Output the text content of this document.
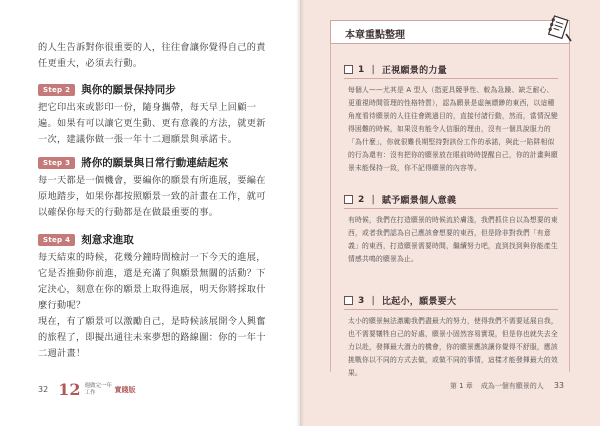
的人生告訴對你很重要的人，往往會讓你覺得自己的責任更重大，必須去行動。

Step 2	與你的願景保持同步

把它印出來或影印一份，隨身攜帶，每天早上回顧一遍。如果有可以讓它更生動、更有意義的方法，就更新一次，建議你做一張一年十二週願景與承諾卡。

Step 3	將你的願景與日常行動連結起來

每一天都是一個機會，要編你的願景有所進展，要編在原地踏步，如果你都按照願景一致的計畫在工作，就可以確保你每天的行動都是在做最重要的事。

Step 4	刻意求進取

每天結束的時候，花幾分鐘時間檢討一下今天的進展，它是否推動你前進，還是充滿了與願景無關的活動？下定決心，刻意在你的願景上取得進展，明天你將採取什麼行動呢？

現在，有了願景可以激勵自己，是時候該展開令人興奮的旅程了，即擬出通往未來夢想的路線圖：你的一年十二週計畫！

32 12 週做完一年工作	實踐版
本章重點整理
1 ｜ 正視願景的力量

每個人——尤其是 A 型人（指更具競爭性、較為急躁、缺乏耐心、更重視時間管理的性格特質），認為願景是虛無縹緲的東西，以這種角度看待願景的人往往會跳過目的，直接付諸行動，然而，當情況變得困難的時候，如果沒有能令人信服的理由，沒有一個具說服力的「為什麼」，你就很難長期堅持對該份工作的承諾，與此一陷阱相似的行為還有：沒有把你的願景放在眼前時時提醒自己，你的計畫與願景未能保持一致，你不記得願景的內容等。

2 ｜ 賦予願景個人意義

有時候，我們在打造願景的時候流於膚淺，我們抓住自以為想要的東西，或者我們認為自己應該會想要的東西，但是除非對我們「有意義」的東西，打造願景需要時間，繼續努力吧，直到找到與你能產生情感共鳴的願景為止。

3 ｜ 比起小，願景要大

太小的願景無法激勵我們盡最大的努力，使得我們不需要延展自我，也不需要犧牲自己的好處，願景小固然容易實現，但是你也就失去全力以赴，發揮最大潛力的機會，你的願景應該讓你覺得不舒服，應該挑戰你以不同的方式去做，或做不同的事情，這樣才能發揮最大的效果。

第 1 章 成為一個有願景的人 33
